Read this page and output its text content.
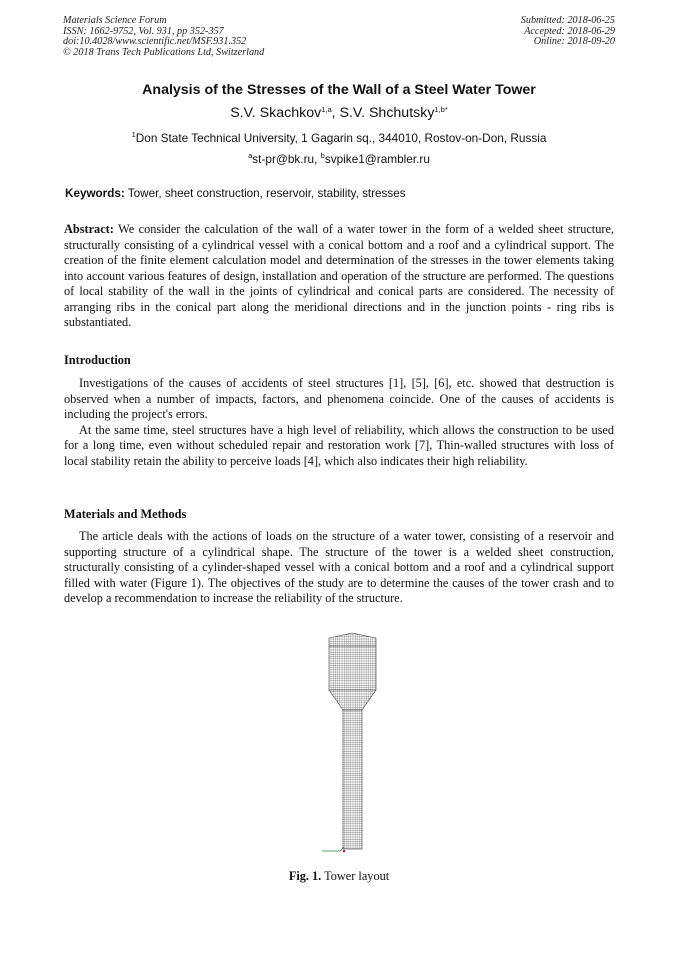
Materials Science Forum
ISSN: 1662-9752, Vol. 931, pp 352-357
doi:10.4028/www.scientific.net/MSF.931.352
© 2018 Trans Tech Publications Ltd, Switzerland
Submitted: 2018-06-25
Accepted: 2018-06-29
Online: 2018-09-20
Analysis of the Stresses of the Wall of a Steel Water Tower
S.V. Skachkov$^{1,a}$, S.V. Shchutsky$^{1,b*}$
$^1$Don State Technical University, 1 Gagarin sq., 344010, Rostov-on-Don, Russia
$^a$st-pr@bk.ru, $^b$svpike1@rambler.ru
Keywords: Tower, sheet construction, reservoir, stability, stresses

Abstract: We consider the calculation of the wall of a water tower in the form of a welded sheet structure, structurally consisting of a cylindrical vessel with a conical bottom and a roof and a cylindrical support. The creation of the finite element calculation model and determination of the stresses in the tower elements taking into account various features of design, installation and operation of the structure are performed. The questions of local stability of the wall in the joints of cylindrical and conical parts are considered. The necessity of arranging ribs in the conical part along the meridional directions and in the junction points - ring ribs is substantiated.

Introduction

Investigations of the causes of accidents of steel structures [1], [5], [6], etc. showed that destruction is observed when a number of impacts, factors, and phenomena coincide. One of the causes of accidents is including the project's errors.

At the same time, steel structures have a high level of reliability, which allows the construction to be used for a long time, even without scheduled repair and restoration work [7], Thin-walled structures with loss of local stability retain the ability to perceive loads [4], which also indicates their high reliability.

Materials and Methods

The article deals with the actions of loads on the structure of a water tower, consisting of a reservoir and supporting structure of a cylindrical shape. The structure of the tower is a welded sheet construction, structurally consisting of a cylinder-shaped vessel with a conical bottom and a roof and a cylindrical support filled with water (Figure 1). The objectives of the study are to determine the causes of the tower crash and to develop a recommendation to increase the reliability of the structure.

Fig. 1. Tower layout
